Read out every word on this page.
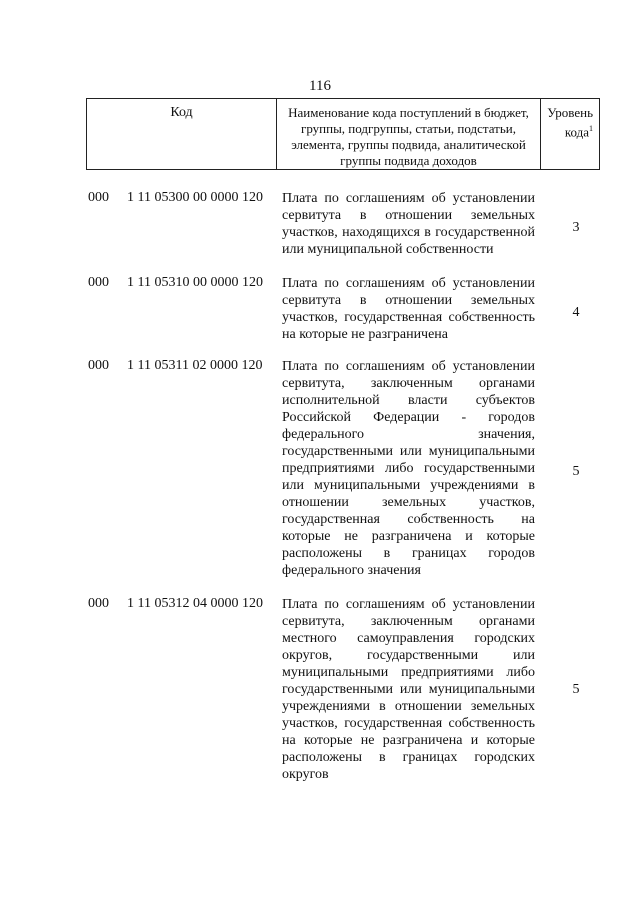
116
Код	Наименование кода поступлений в бюджет, группы, подгруппы, статьи, подстатьи, элемента, группы подвида, аналитической группы подвида доходов
Уровень кода$^1$
000 1 11 05300 00 0000 120 Плата по соглашениям об установлении сервитута в отношении земельных участков, находящихся в государственной или муниципальной собственности
3
000 1 11 05310 00 0000 120 Плата по соглашениям об установлении сервитута в отношении земельных участков, государственная собственность на которые не разграничена
4
000 1 11 05311 02 0000 120 Плата по соглашениям об установлении сервитута, заключенным органами исполнительной власти субъектов Российской Федерации - городов федерального значения, государственными или муниципальными предприятиями либо государственными или муниципальными учреждениями в отношении земельных участков, государственная собственность на которые не разграничена и которые расположены в границах городов федерального значения
5
000 1 11 05312 04 0000 120 Плата по соглашениям об установлении сервитута, заключенным органами местного самоуправления городских округов, государственными или муниципальными предприятиями либо государственными или муниципальными учреждениями в отношении земельных участков, государственная собственность на которые не разграничена и которые расположены в границах городских округов
5
